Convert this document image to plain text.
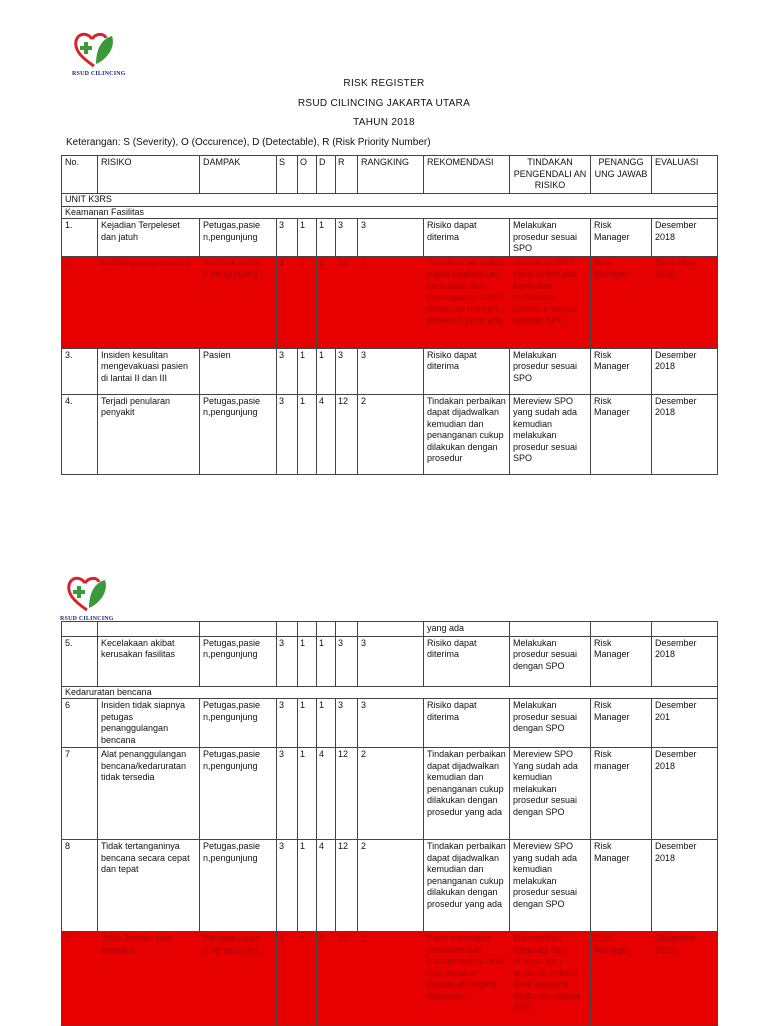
RSUD CILINCING
RISK REGISTER
RSUD CILINCING JAKARTA UTARA
TAHUN 2018
Keterangan: S (Severity), O (Occurence), D (Detectable), R (Risk Priority Number)
No.	RISIKO	DAMPAK	S	O	D	R	RANGKING	REKOMENDASI	TINDAKAN PENGENDALI AN RISIKO	PENANGG UNG JAWAB	EVALUASI
UNIT K3RS											
Keamanan Fasilitas											
1.	Kejadian Terpeleset dan jatuh	Petugas,pasie n,pengunjung	3	1	1	3	3	Risiko dapat diterima	Melakukan prosedur sesuai SPO	Risk Manager	Desember 2018
2.	Kehilangan/pencuria n	Petugas,pasie n,pengunjung	4	1	4	16	1	Tindakan perbaikan dapat dijadwalkan kemudian dan penanganan cukup dilakukan dengan prosedur yang ada	Mereview SPO yang sudah ada kemudian melakukan prosedur sesuai dengan SPO	Risk Manager	Desember 2018
3.	Insiden kesulitan mengevakuasi pasien di lantai II dan III	Pasien	3	1	1	3	3	Risiko dapat diterima	Melakukan prosedur sesuai SPO	Risk Manager	Desember 2018
4.	Terjadi penularan penyakit	Petugas,pasie n,pengunjung	3	1	4	12	2	Tindakan perbaikan dapat dijadwalkan kemudian dan penanganan cukup dilakukan dengan prosedur	Mereview SPO yang sudah ada kemudian melakukan prosedur sesuai SPO	Risk Manager	Desember 2018
RSUD CILINCING
								yang ada			
5.	Kecelakaan akibat kerusakan fasilitas	Petugas,pasie n,pengunjung	3	1	1	3	3	Risiko dapat diterima	Melakukan prosedur sesuai dengan SPO	Risk Manager	Desember 2018
Kedaruratan bencana											
6	Insiden tidak siapnya petugas penanggulangan bencana	Petugas,pasie n,pengunjung	3	1	1	3	3	Risiko dapat diterima	Melakukan prosedur sesuai dengan SPO	Risk Manager	Desember 201
7	Alat penanggulangan bencana/kedaruratan tidak tersedia	Petugas,pasie n,pengunjung	3	1	4	12	2	Tindakan perbaikan dapat dijadwalkan kemudian dan penanganan cukup dilakukan dengan prosedur yang ada	Mereview SPO Yang sudah ada kemudian melakukan prosedur sesuai dengan SPO	Risk manager	Desember 2018
8	Tidak tertanganinya bencana secara cepat dan tepat	Petugas,pasie n,pengunjung	3	1	4	12	2	Tindakan perbaikan dapat dijadwalkan kemudian dan penanganan cukup dilakukan dengan prosedur yang ada	Mereview SPO yang sudah ada kemudian melakukan prosedur sesuai dengan SPO	Risk Manager	Desember 2018
9	Jatuh korban saat bencana	Petugas,pasie n,pengunjung	5	4	4	80	1	Perlu mendapat perhatian dari manajemen puncak dan tindakan perbaikan segera dilakukan	Memastikan Regulasi dan memastikan tindakan deteksi awal bencana dilakukan sesuai SPO	Risk Manager	Desember 2018
